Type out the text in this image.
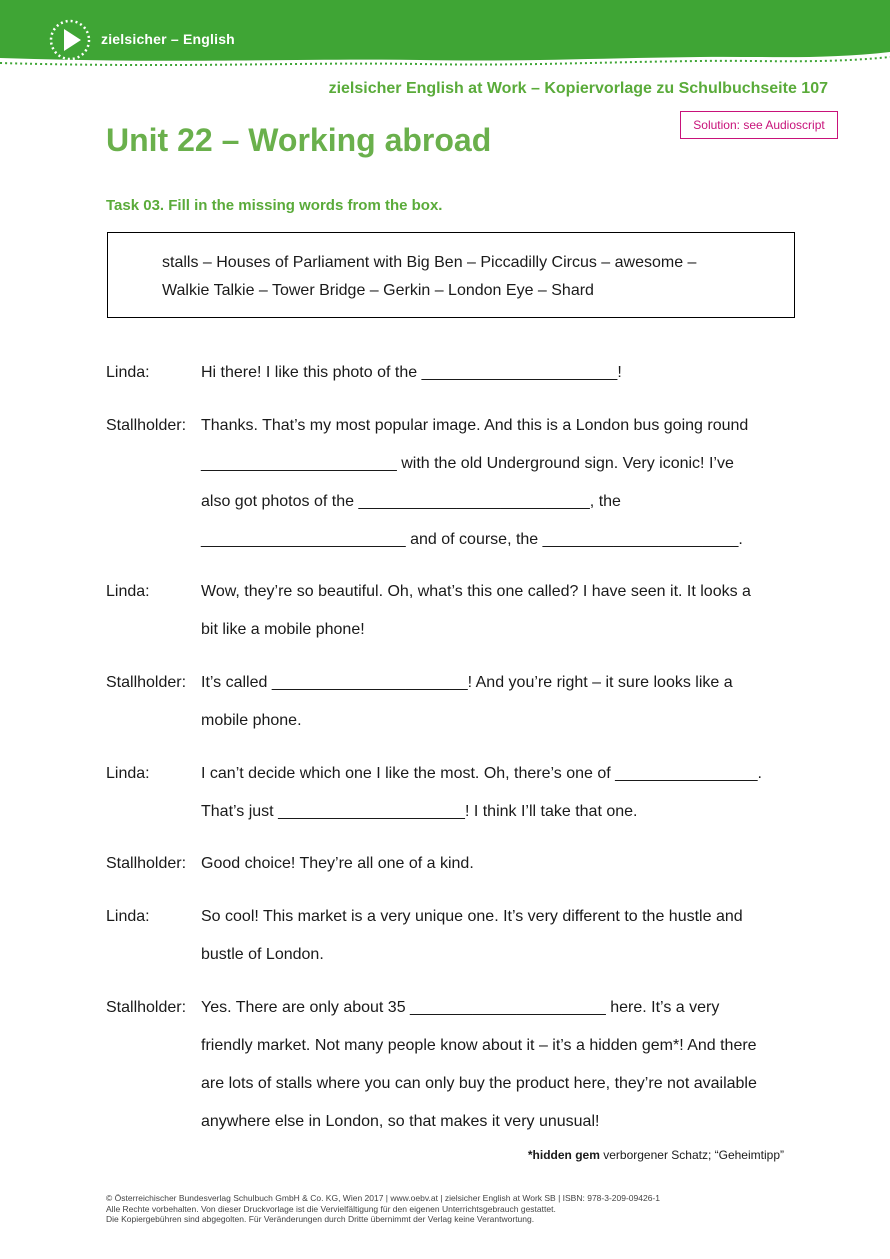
zielsicher – English
zielsicher English at Work – Kopiervorlage zu Schulbuchseite 107
Unit 22 – Working abroad	Solution: see Audioscript
Task 03. Fill in the missing words from the box.
stalls – Houses of Parliament with Big Ben – Piccadilly Circus – awesome –
Walkie Talkie – Tower Bridge – Gerkin – London Eye – Shard
Linda:	Hi there! I like this photo of the ______________________!
Stallholder: Thanks. That’s my most popular image. And this is a London bus going round
______________________ with the old Underground sign. Very iconic! I’ve
also got photos of the __________________________, the
_______________________ and of course, the ______________________.
Linda:	Wow, they’re so beautiful. Oh, what’s this one called? I have seen it. It looks a
bit like a mobile phone!
Stallholder: It’s called ______________________! And you’re right – it sure looks like a
mobile phone.
Linda:	I can’t decide which one I like the most. Oh, there’s one of ________________.
That’s just _____________________! I think I’ll take that one.
Stallholder: Good choice! They’re all one of a kind.
Linda:	So cool! This market is a very unique one. It’s very different to the hustle and
bustle of London.
Stallholder: Yes. There are only about 35 ______________________ here. It’s a very
friendly market. Not many people know about it – it’s a hidden gem*! And there
are lots of stalls where you can only buy the product here, they’re not available
anywhere else in London, so that makes it very unusual!
*hidden gem verborgener Schatz; “Geheimtipp”
© Österreichischer Bundesverlag Schulbuch GmbH & Co. KG, Wien 2017 | www.oebv.at | zielsicher English at Work SB | ISBN: 978-3-209-09426-1
Alle Rechte vorbehalten. Von dieser Druckvorlage ist die Vervielfältigung für den eigenen Unterrichtsgebrauch gestattet.
Die Kopiergebühren sind abgegolten. Für Veränderungen durch Dritte übernimmt der Verlag keine Verantwortung.
